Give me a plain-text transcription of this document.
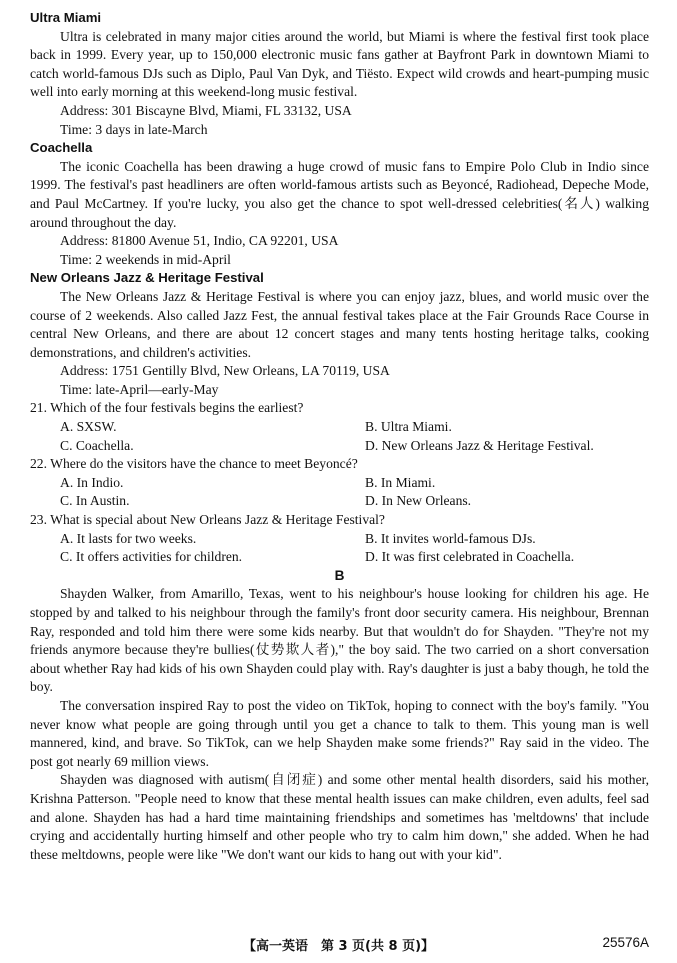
Ultra Miami
Ultra is celebrated in many major cities around the world, but Miami is where the festival first took place back in 1999. Every year, up to 150,000 electronic music fans gather at Bayfront Park in downtown Miami to catch world-famous DJs such as Diplo, Paul Van Dyk, and Tiësto. Expect wild crowds and heart-pumping music well into early morning at this weekend-long music festival.
Address: 301 Biscayne Blvd, Miami, FL 33132, USA
Time: 3 days in late-March
Coachella
The iconic Coachella has been drawing a huge crowd of music fans to Empire Polo Club in Indio since 1999. The festival's past headliners are often world-famous artists such as Beyoncé, Radiohead, Depeche Mode, and Paul McCartney. If you're lucky, you also get the chance to spot well-dressed celebrities(名人) walking around throughout the day.
Address: 81800 Avenue 51, Indio, CA 92201, USA
Time: 2 weekends in mid-April
New Orleans Jazz & Heritage Festival
The New Orleans Jazz & Heritage Festival is where you can enjoy jazz, blues, and world music over the course of 2 weekends. Also called Jazz Fest, the annual festival takes place at the Fair Grounds Race Course in central New Orleans, and there are about 12 concert stages and many tents hosting heritage talks, cooking demonstrations, and children's activities.
Address: 1751 Gentilly Blvd, New Orleans, LA 70119, USA
Time: late-April—early-May
21. Which of the four festivals begins the earliest?
A. SXSW.	B. Ultra Miami.
C. Coachella.	D. New Orleans Jazz & Heritage Festival.
22. Where do the visitors have the chance to meet Beyoncé?
A. In Indio.	B. In Miami.
C. In Austin.	D. In New Orleans.
23. What is special about New Orleans Jazz & Heritage Festival?
A. It lasts for two weeks.	B. It invites world-famous DJs.
C. It offers activities for children.	D. It was first celebrated in Coachella.
B
Shayden Walker, from Amarillo, Texas, went to his neighbour's house looking for children his age. He stopped by and talked to his neighbour through the family's front door security camera. His neighbour, Brennan Ray, responded and told him there were some kids nearby. But that wouldn't do for Shayden. "They're not my friends anymore because they're bullies(仗势欺人者)," the boy said. The two carried on a short conversation about whether Ray had kids of his own Shayden could play with. Ray's daughter is just a baby though, he told the boy.
The conversation inspired Ray to post the video on TikTok, hoping to connect with the boy's family. "You never know what people are going through until you get a chance to talk to them. This young man is well mannered, kind, and brave. So TikTok, can we help Shayden make some friends?" Ray said in the video. The post got nearly 69 million views.
Shayden was diagnosed with autism(自闭症) and some other mental health disorders, said his mother, Krishna Patterson. "People need to know that these mental health issues can make children, even adults, feel sad and alone. Shayden has had a hard time maintaining friendships and sometimes has 'meltdowns' that include crying and accidentally hurting himself and other people who try to calm him down," she added. When he had these meltdowns, people were like "We don't want our kids to hang out with your kid".
【高一英语　第 3 页(共 8 页)】	25576A
